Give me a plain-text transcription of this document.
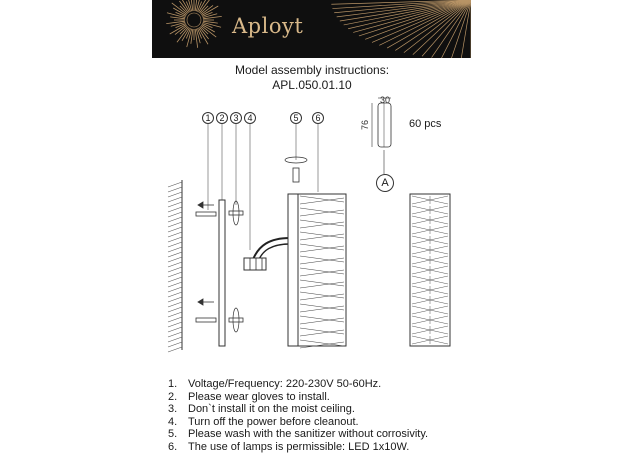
Aployt
Model assembly instructions:
APL.050.01.10
1 2 3 4	5	6
30
76	60 pcs
A
1. Voltage/Frequency: 220-230V 50-60Hz.
2. Please wear gloves to install.
3. Don`t install it on the moist ceiling.
4. Turn off the power before cleanout.
5. Please wash with the sanitizer without corrosivity.
6. The use of lamps is permissible: LED 1x10W.
